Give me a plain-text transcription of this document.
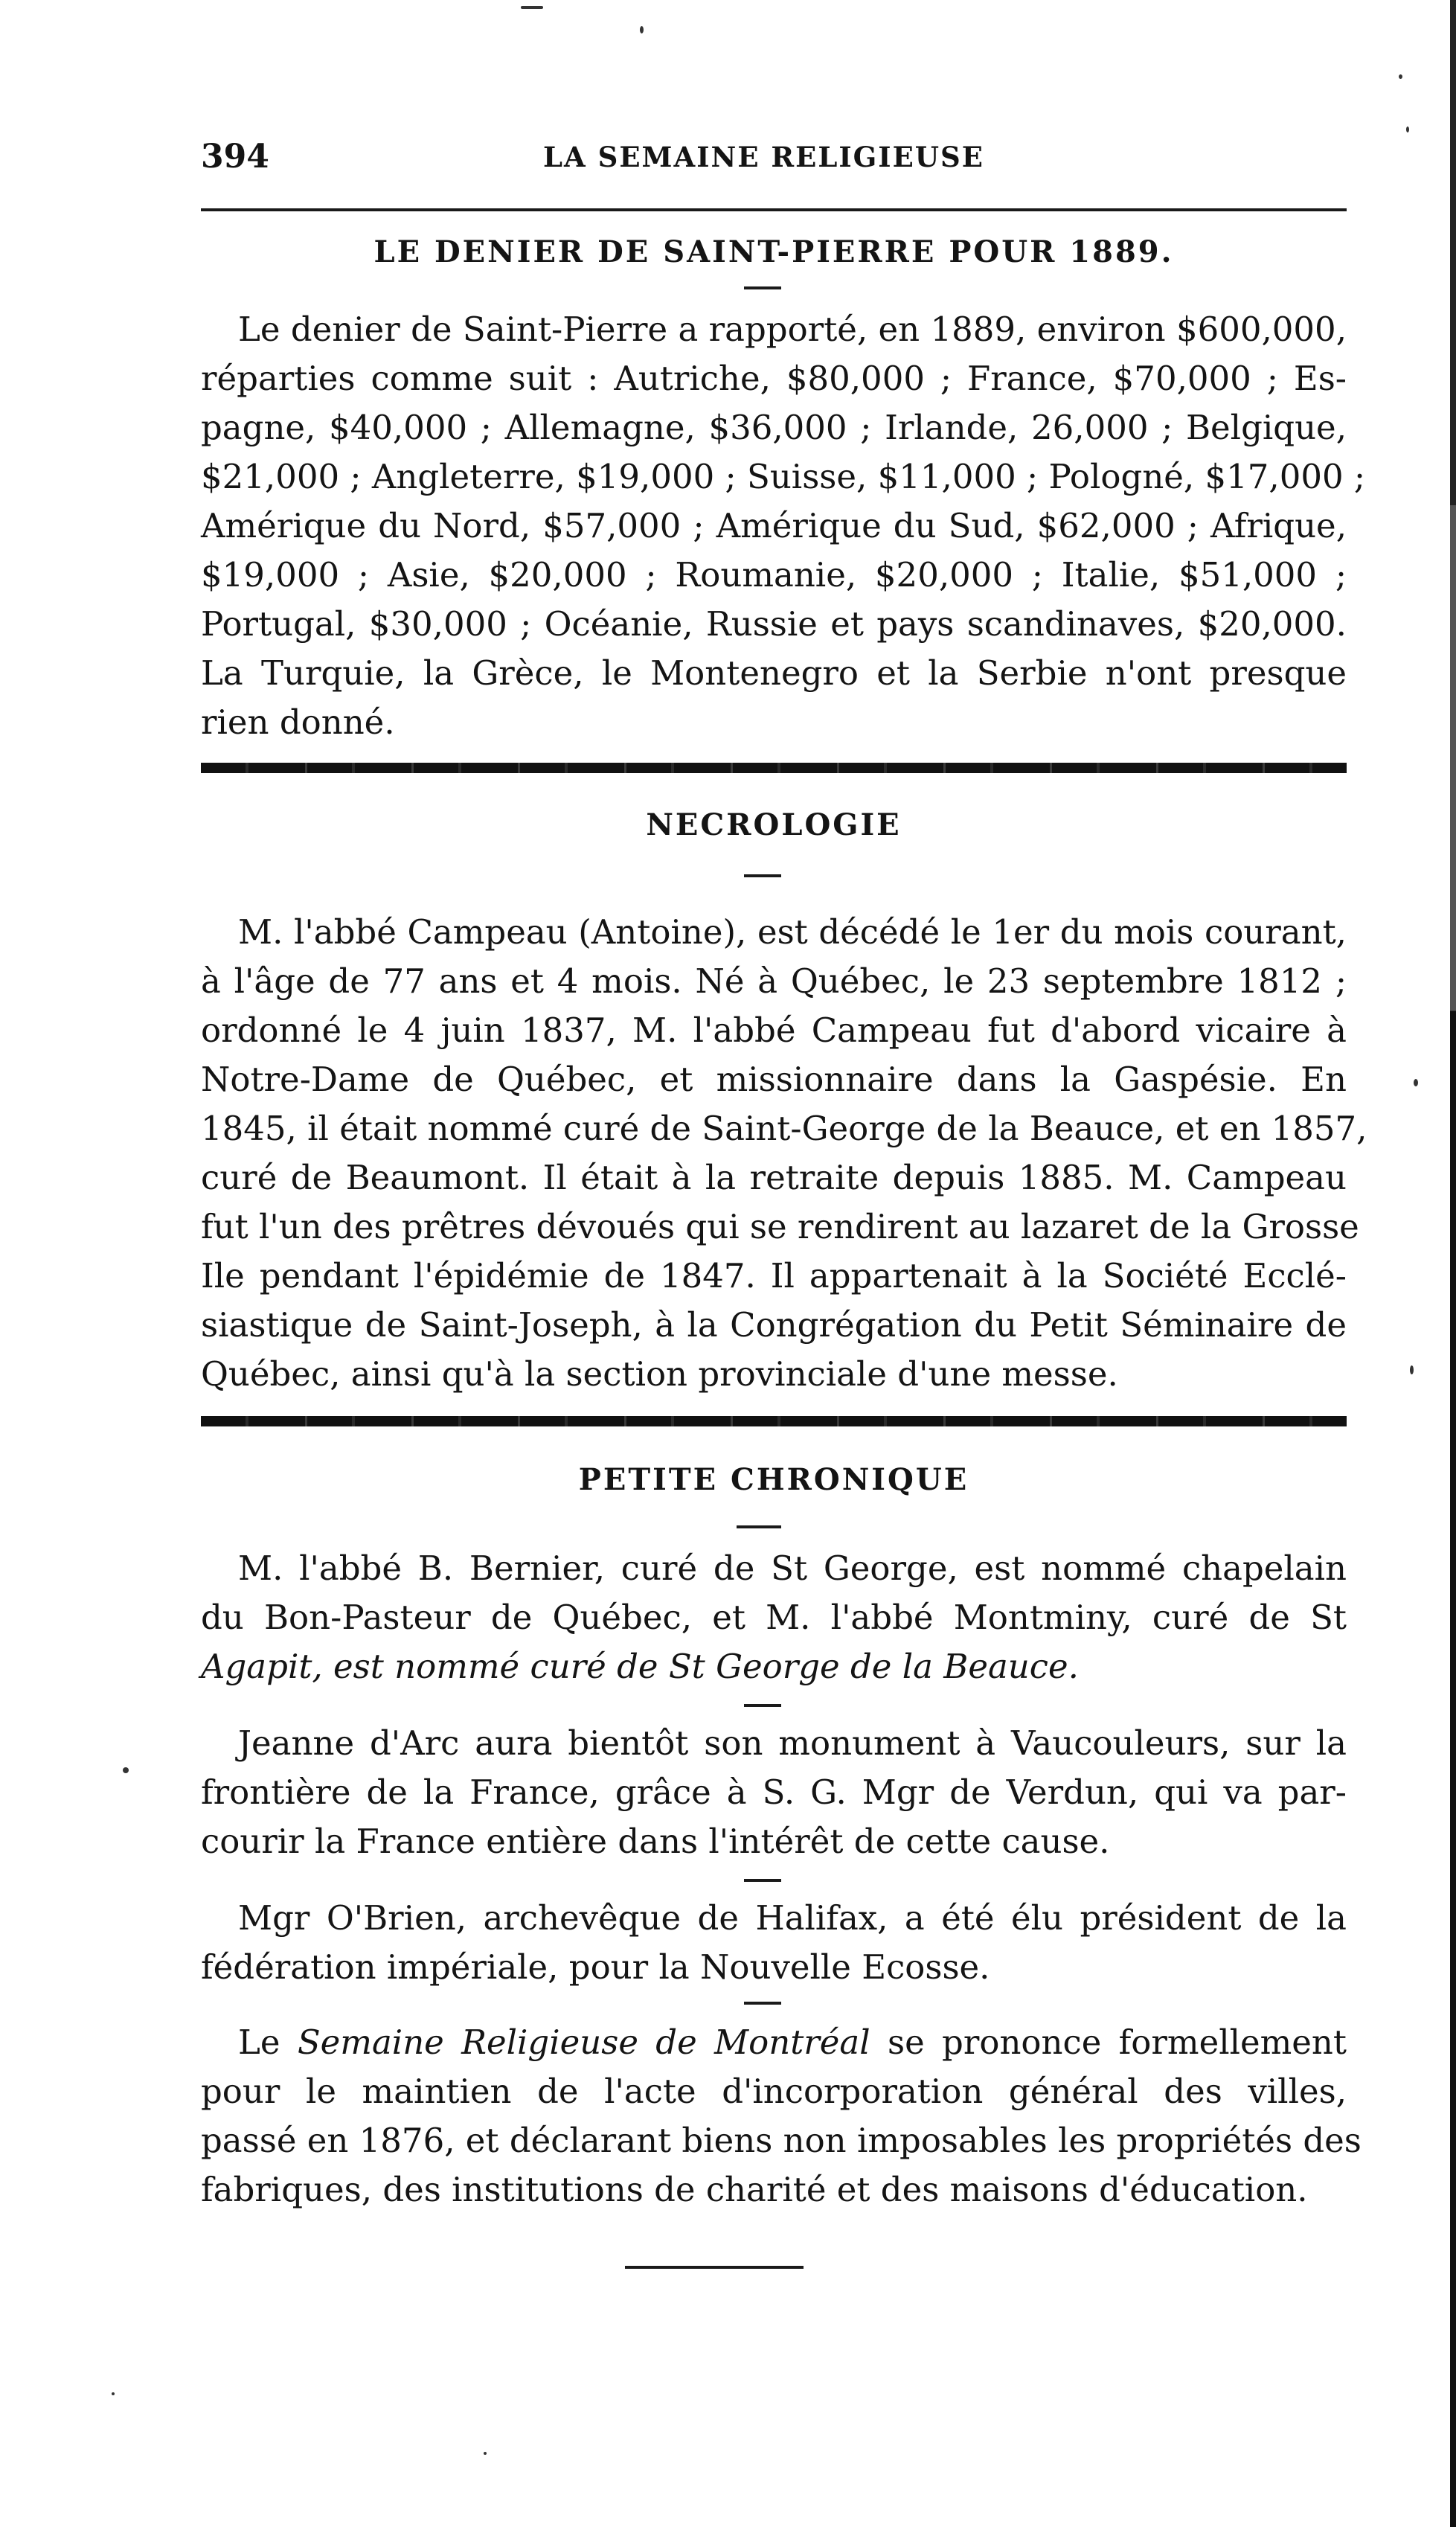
394	LA SEMAINE RELIGIEUSE
LE DENIER DE SAINT-PIERRE POUR 1889.
Le denier de Saint-Pierre a rapporté, en 1889, environ $600,000,
réparties comme suit : Autriche, $80,000 ; France, $70,000 ; Es-
pagne, $40,000 ; Allemagne, $36,000 ; Irlande, 26,000 ; Belgique,
$21,000 ; Angleterre, $19,000 ; Suisse, $11,000 ; Pologné, $17,000 ;
Amérique du Nord, $57,000 ; Amérique du Sud, $62,000 ; Afrique,
$19,000 ; Asie, $20,000 ; Roumanie, $20,000 ; Italie, $51,000 ;
Portugal, $30,000 ; Océanie, Russie et pays scandinaves, $20,000.
La Turquie, la Grèce, le Montenegro et la Serbie n'ont presque
rien donné.
NECROLOGIE
M. l'abbé Campeau (Antoine), est décédé le 1er du mois courant,
à l'âge de 77 ans et 4 mois. Né à Québec, le 23 septembre 1812 ;
ordonné le 4 juin 1837, M. l'abbé Campeau fut d'abord vicaire à
Notre-Dame de Québec, et missionnaire dans la Gaspésie. En
1845, il était nommé curé de Saint-George de la Beauce, et en 1857,
curé de Beaumont. Il était à la retraite depuis 1885. M. Campeau
fut l'un des prêtres dévoués qui se rendirent au lazaret de la Grosse
Ile pendant l'épidémie de 1847. Il appartenait à la Société Ecclé-
siastique de Saint-Joseph, à la Congrégation du Petit Séminaire de
Québec, ainsi qu'à la section provinciale d'une messe.
PETITE CHRONIQUE
M. l'abbé B. Bernier, curé de St George, est nommé chapelain
du Bon-Pasteur de Québec, et M. l'abbé Montminy, curé de St
Agapit, est nommé curé de St George de la Beauce.
Jeanne d'Arc aura bientôt son monument à Vaucouleurs, sur la
frontière de la France, grâce à S. G. Mgr de Verdun, qui va par-
courir la France entière dans l'intérêt de cette cause.
Mgr O'Brien, archevêque de Halifax, a été élu président de la
fédération impériale, pour la Nouvelle Ecosse.
Le Semaine Religieuse de Montréal se prononce formellement
pour le maintien de l'acte d'incorporation général des villes,
passé en 1876, et déclarant biens non imposables les propriétés des
fabriques, des institutions de charité et des maisons d'éducation.
